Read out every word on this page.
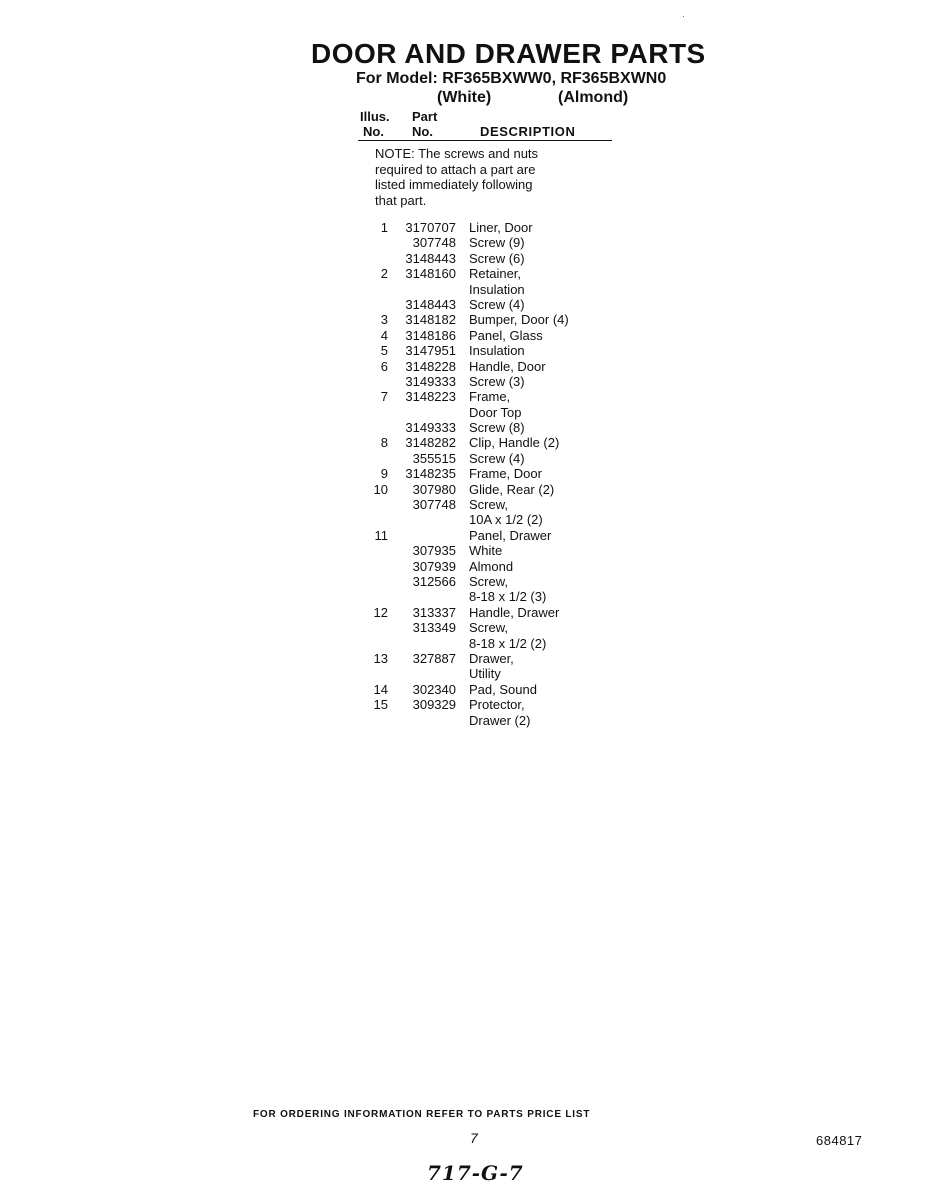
DOOR AND DRAWER PARTS
For Model: RF365BXWW0, RF365BXWN0
(White)	(Almond)
Illus. Part
No. No.	DESCRIPTION
NOTE: The screws and nuts
required to attach a part are
listed immediately following
that part.
1 3170707 Liner, Door
307748 Screw (9)
3148443 Screw (6)
2 3148160 Retainer,
Insulation
3148443 Screw (4)
3 3148182 Bumper, Door (4)
4 3148186 Panel, Glass
5 3147951 Insulation
6 3148228 Handle, Door
3149333 Screw (3)
7 3148223 Frame,
Door Top
3149333 Screw (8)
8 3148282 Clip, Handle (2)
355515 Screw (4)
9 3148235 Frame, Door
10 307980 Glide, Rear (2)
307748 Screw,
10A x 1/2 (2)
11	Panel, Drawer
307935 White
307939 Almond
312566 Screw,
8-18 x 1/2 (3)
12 313337 Handle, Drawer
313349 Screw,
8-18 x 1/2 (2)
13 327887 Drawer,
Utility
14 302340 Pad, Sound
15 309329 Protector,
Drawer (2)
FOR ORDERING INFORMATION REFER TO PARTS PRICE LIST
7	684817
717-G-7
